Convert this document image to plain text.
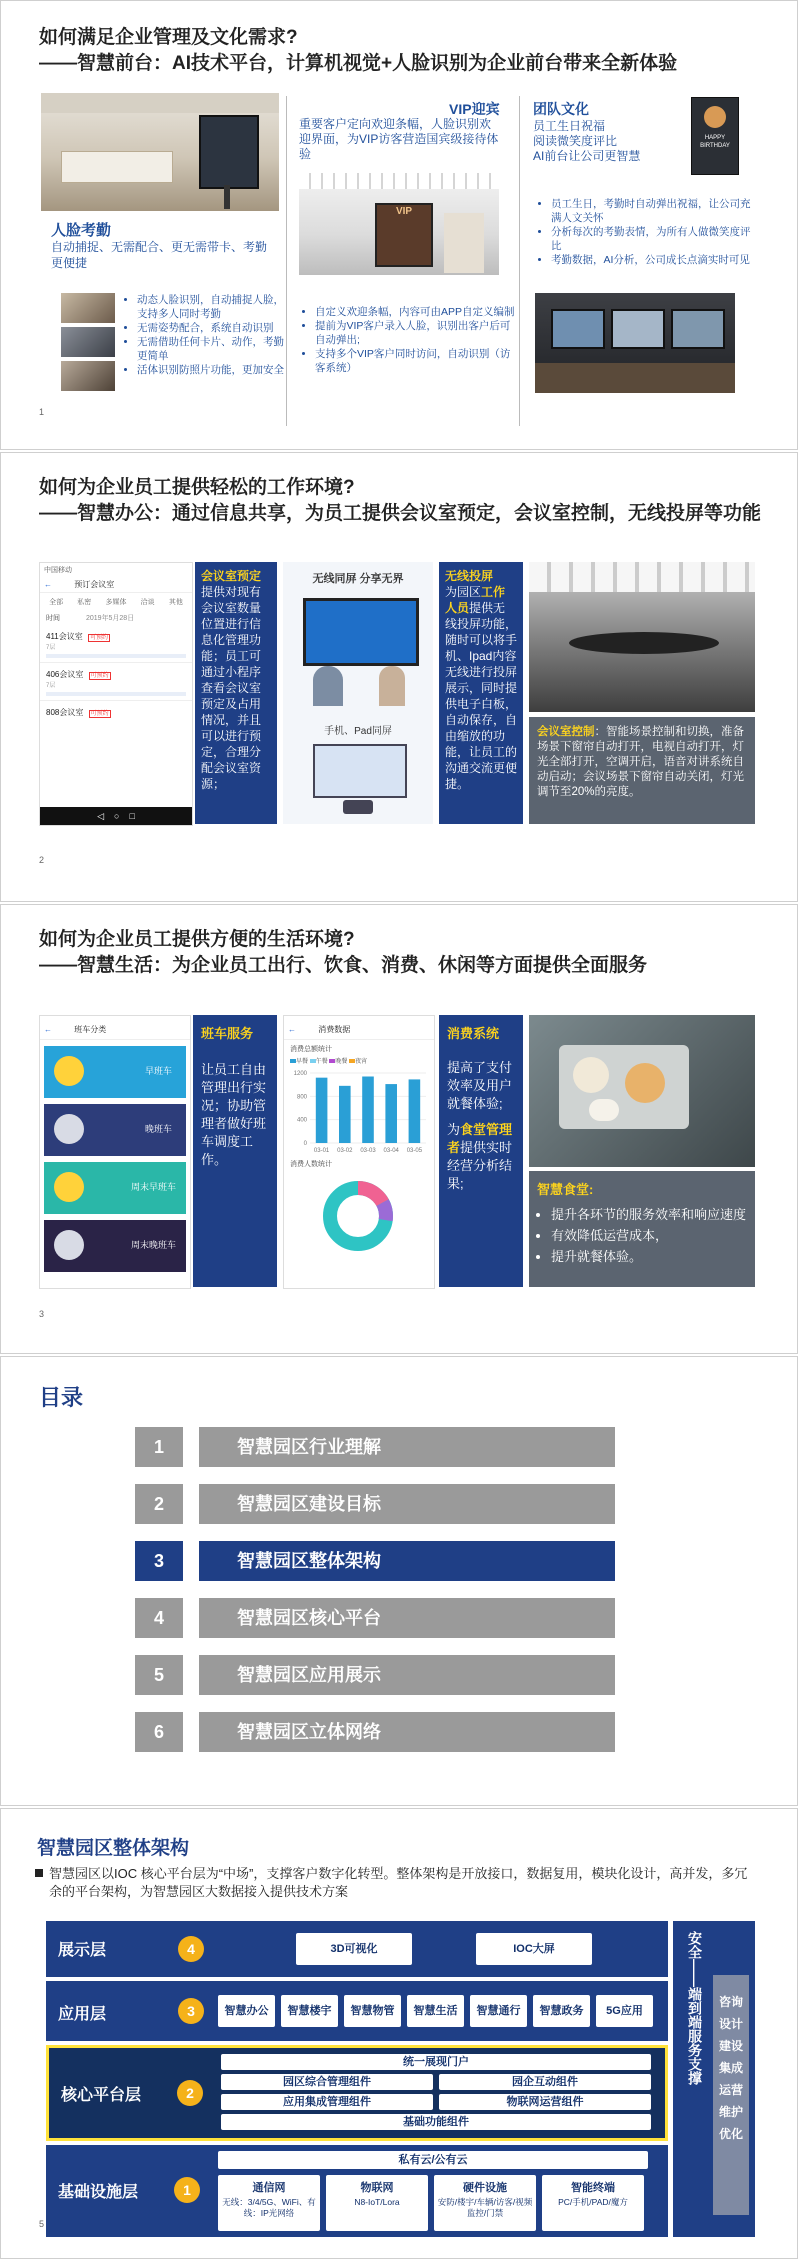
如何满足企业管理及文化需求?
——智慧前台：AI技术平台，计算机视觉+人脸识别为企业前台带来全新体验
人脸考勤
自动捕捉、无需配合、更无需带卡、考勤更便捷
• 动态人脸识别，自动捕捉人脸，支持多人同时考勤
• 无需姿势配合，系统自动识别
• 无需借助任何卡片、动作，考勤更简单
• 活体识别防照片功能，更加安全
VIP迎宾
重要客户定向欢迎条幅，人脸识别欢迎界面，为VIP访客营造国宾级接待体验
VIP
• 自定义欢迎条幅，内容可由APP自定义编制
• 提前为VIP客户录入人脸，识别出客户后可自动弹出;
• 支持多个VIP客户同时访问，自动识别（访客系统）
团队文化
员工生日祝福
阅读微笑度评比
AI前台让公司更智慧
HAPPY BIRTHDAY
• 员工生日，考勤时自动弹出祝福，让公司充满人文关怀
• 分析每次的考勤表情，为所有人做微笑度评比
• 考勤数据，AI分析，公司成长点滴实时可见
1
如何为企业员工提供轻松的工作环境?
——智慧办公：通过信息共享，为员工提供会议室预定，会议室控制，无线投屏等功能
中国移动
←	预订会议室
全部 私密 多媒体 洽谈 其他
时间	2019年5月28日
411会议室 可预约
7层
406会议室 可预约
7层
808会议室 可预约
◁    ○    □
会议室预定
提供对现有会议室数量位置进行信息化管理功能；员工可通过小程序查看会议室预定及占用情况，并且可以进行预定，合理分配会议室资源；
无线同屏 分享无界
手机、Pad同屏
无线投屏
为园区工作人员提供无线投屏功能，随时可以将手机、Ipad内容无线进行投屏展示，同时提供电子白板，自动保存，自由缩放的功能，让员工的沟通交流更便捷。
会议室控制：智能场景控制和切换，准备场景下窗帘自动打开，电视自动打开，灯光全部打开，空调开启，语音对讲系统自动启动；会议场景下窗帘自动关闭，灯光调节至20%的亮度。
2
如何为企业员工提供方便的生活环境?
——智慧生活：为企业员工出行、饮食、消费、休闲等方面提供全面服务
←	班车分类
早班车
晚班车
周末早班车
周末晚班车
班车服务
让员工自由管理出行实况；协助管理者做好班车调度工作。
←	消费数据
消费总额统计
早餐 午餐 晚餐 夜宵
1200
800
400
0
03-01 03-02 03-03 03-04 03-05
消费人数统计
消费系统
提高了支付效率及用户就餐体验;
为食堂管理者提供实时经营分析结果;	智慧食堂:
• 提升各环节的服务效率和响应速度
• 有效降低运营成本，
• 提升就餐体验。
3
目录
1	智慧园区行业理解
2	智慧园区建设目标
3	智慧园区整体架构
4	智慧园区核心平台
5	智慧园区应用展示
6	智慧园区立体网络
智慧园区整体架构
智慧园区以IOC 核心平台层为“中场”，支撑客户数字化转型。整体架构是开放接口，数据复用，模块化设计，高并发，多冗余的平台架构，为智慧园区大数据接入提供技术方案
展示层	4	3D可视化	IOC大屏
应用层	3	智慧办公	智慧楼宇	智慧物管	智慧生活	智慧通行	智慧政务	5G应用
核心平台层	2
统一展现门户
园区综合管理组件	园企互动组件
应用集成管理组件	物联网运营组件
基础功能组件
基础设施层	1
私有云/公有云
通信网
无线：3/4/5G、WiFi、有线：IP光网络
物联网
N8-IoT/Lora
硬件设施
安防/楼宇/车辆/访客/视频监控/门禁
智能终端
PC/手机/PAD/魔方
安全——端到端服务支撑	咨询
设计
建设
集成
运营
维护
优化
5
